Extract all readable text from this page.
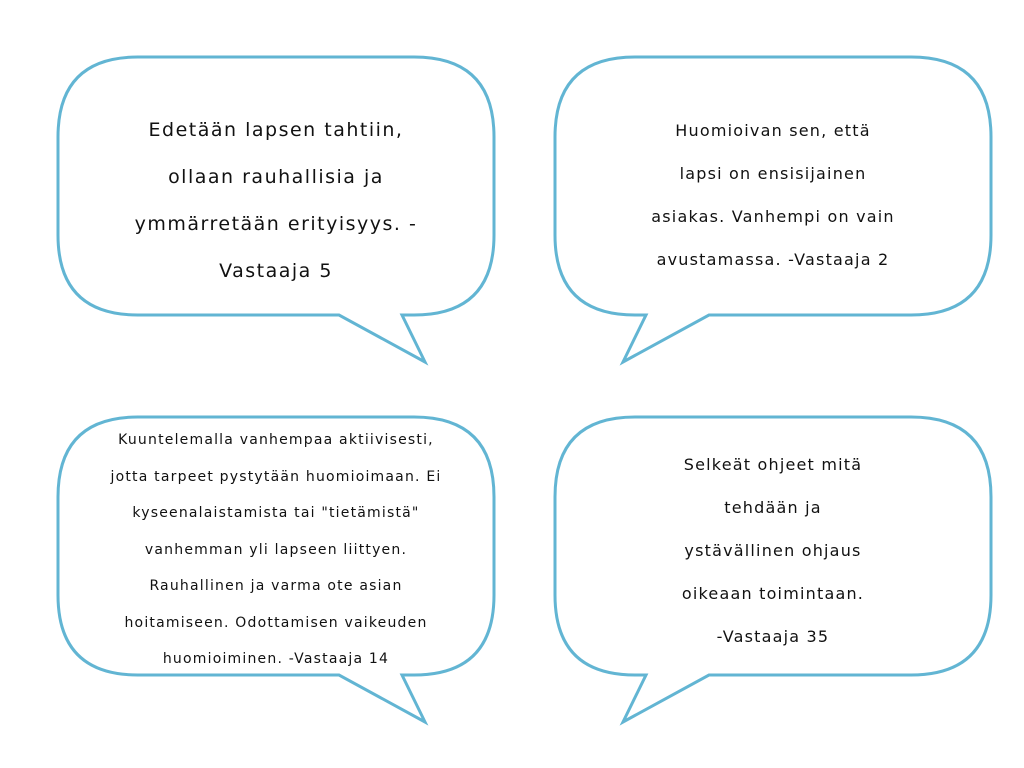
Edetään lapsen tahtiin,
ollaan rauhallisia ja
ymmärretään erityisyys. -
Vastaaja 5
Huomioivan sen, että
lapsi on ensisijainen
asiakas. Vanhempi on vain
avustamassa. -Vastaaja 2
Kuuntelemalla vanhempaa aktiivisesti,
jotta tarpeet pystytään huomioimaan. Ei
kyseenalaistamista tai "tietämistä"
vanhemman yli lapseen liittyen.
Rauhallinen ja varma ote asian
hoitamiseen. Odottamisen vaikeuden
huomioiminen. -Vastaaja 14
Selkeät ohjeet mitä
tehdään ja
ystävällinen ohjaus
oikeaan toimintaan.
-Vastaaja 35
